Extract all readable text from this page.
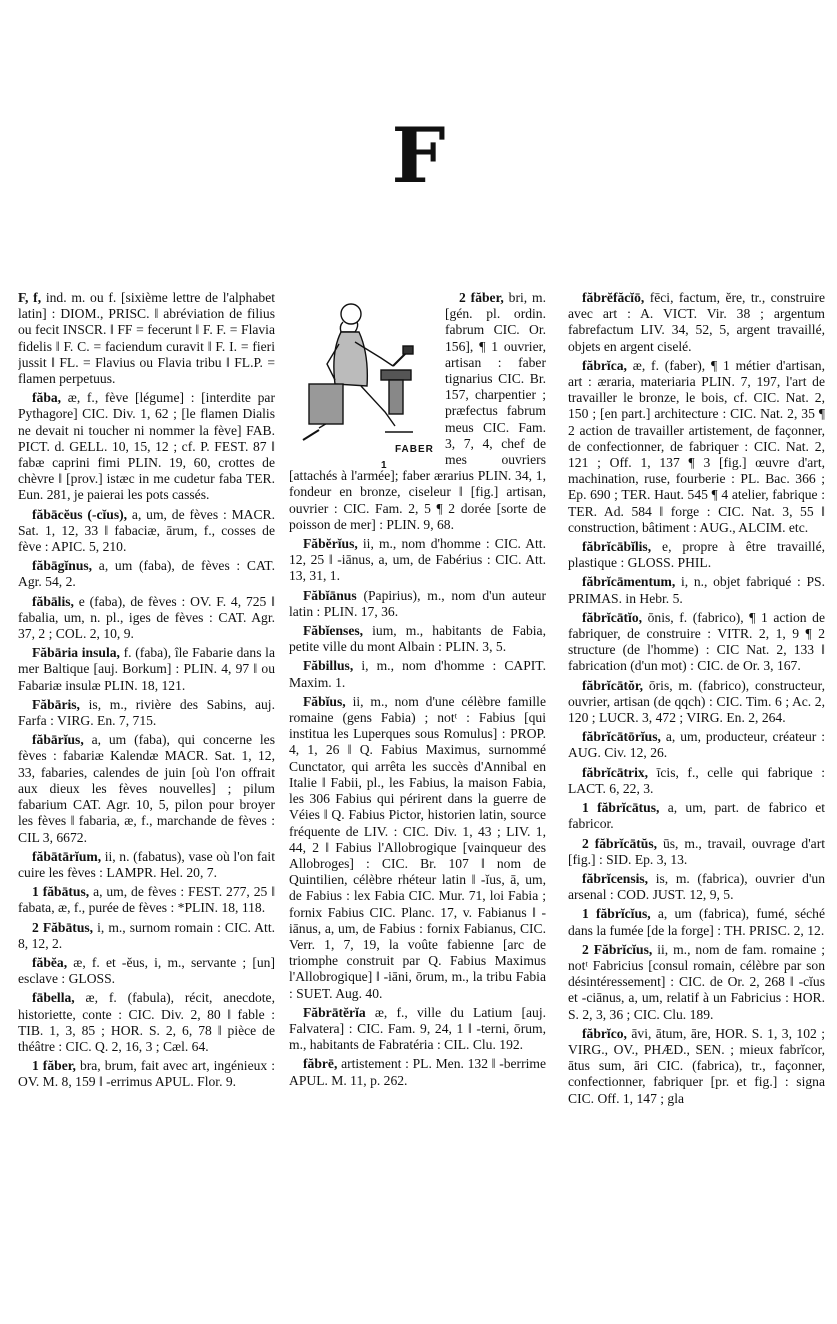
F

F, f, ind. m. ou f. [sixième lettre de l'alphabet latin] : DIOM., PRISC. ‖ abréviation de filius ou fecit INSCR. ‖ FF = fecerunt ‖ F. F. = Flavia fidelis ‖ F. C. = faciendum curavit ‖ F. I. = fieri jussit ‖ FL. = Flavius ou Flavia tribu ‖ FL.P. = flamen perpetuus.

făba, æ, f., fève [légume] : [interdite par Pythagore] CIC. Div. 1, 62 ; [le flamen Dialis ne devait ni toucher ni nommer la fève] FAB. PICT. d. GELL. 10, 15, 12 ; cf. P. FEST. 87 ‖ fabæ caprini fimi PLIN. 19, 60, crottes de chèvre ‖ [prov.] istæc in me cudetur faba TER. Eun. 281, je paierai les pots cassés.

făbācĕus (-cĭus), a, um, de fèves : MACR. Sat. 1, 12, 33 ‖ fabaciæ, ārum, f., cosses de fève : APIC. 5, 210.

făbāgĭnus, a, um (faba), de fèves : CAT. Agr. 54, 2.

făbālis, e (faba), de fèves : OV. F. 4, 725 ‖ fabalia, um, n. pl., iges de fèves : CAT. Agr. 37, 2 ; COL. 2, 10, 9.

Făbāria insula, f. (faba), île Fabarie dans la mer Baltique [auj. Borkum] : PLIN. 4, 97 ‖ ou Fabariæ insulæ PLIN. 18, 121.

Făbāris, is, m., rivière des Sabins, auj. Farfa : VIRG. En. 7, 715.

făbārĭus, a, um (faba), qui concerne les fèves : fabariæ Kalendæ MACR. Sat. 1, 12, 33, fabaries, calendes de juin [où l'on offrait aux dieux les fèves nouvelles] ; pilum fabarium CAT. Agr. 10, 5, pilon pour broyer les fèves ‖ fabaria, æ, f., marchande de fèves : CIL 3, 6672.

făbātārĭum, ii, n. (fabatus), vase où l'on fait cuire les fèves : LAMPR. Hel. 20, 7.

1 făbātus, a, um, de fèves : FEST. 277, 25 ‖ fabata, æ, f., purée de fèves : *PLIN. 18, 118.

2 Făbātus, i, m., surnom romain : CIC. Att. 8, 12, 2.

făbĕa, æ, f. et -ĕus, i, m., servante ; [un] esclave : GLOSS.

fābella, æ, f. (fabula), récit, anecdote, historiette, conte : CIC. Div. 2, 80 ‖ fable : TIB. 1, 3, 85 ; HOR. S. 2, 6, 78 ‖ pièce de théâtre : CIC. Q. 2, 16, 3 ; Cæl. 64.

1 făber, bra, brum, fait avec art, ingénieux : OV. M. 8, 159 ‖ -errimus APUL. Flor. 9.

FABER 1
2 făber, bri, m. [gén. pl. ordin. fabrum CIC. Or. 156], ¶ 1 ouvrier, artisan : faber tignarius CIC. Br. 157, charpentier ; præfectus fabrum meus CIC. Fam. 3, 7, 4, chef de mes ouvriers [attachés à l'armée]; faber ærarius PLIN. 34, 1, fondeur en bronze, ciseleur ‖ [fig.] artisan, ouvrier : CIC. Fam. 2, 5 ¶ 2 dorée [sorte de poisson de mer] : PLIN. 9, 68.

Făbĕrĭus, ii, m., nom d'homme : CIC. Att. 12, 25 ‖ -iānus, a, um, de Fabérius : CIC. Att. 13, 31, 1.

Făbĭānus (Papirius), m., nom d'un auteur latin : PLIN. 17, 36.

Făbĭenses, ium, m., habitants de Fabia, petite ville du mont Albain : PLIN. 3, 5.

Făbillus, i, m., nom d'homme : CAPIT. Maxim. 1.

Făbĭus, ii, m., nom d'une célèbre famille romaine (gens Fabia) ; notᵗ : Fabius [qui institua les Luperques sous Romulus] : PROP. 4, 1, 26 ‖ Q. Fabius Maximus, surnommé Cunctator, qui arrêta les succès d'Annibal en Italie ‖ Fabii, pl., les Fabius, la maison Fabia, les 306 Fabius qui périrent dans la guerre de Véies ‖ Q. Fabius Pictor, historien latin, source fréquente de LIV. : CIC. Div. 1, 43 ; LIV. 1, 44, 2 ‖ Fabius l'Allobrogique [vainqueur des Allobroges] : CIC. Br. 107 ‖ nom de Quintilien, célèbre rhéteur latin ‖ -ĭus, ā, um, de Fabius : lex Fabia CIC. Mur. 71, loi Fabia ; fornix Fabius CIC. Planc. 17, v. Fabianus ‖ -iānus, a, um, de Fabius : fornix Fabianus, CIC. Verr. 1, 7, 19, la voûte fabienne [arc de triomphe construit par Q. Fabius Maximus l'Allobrogique] ‖ -iāni, ōrum, m., la tribu Fabia : SUET. Aug. 40.

Făbrātĕrĭa æ, f., ville du Latium [auj. Falvatera] : CIC. Fam. 9, 24, 1 ‖ -terni, ōrum, m., habitants de Fabratéria : CIL. Clu. 192.

făbrē, artistement : PL. Men. 132 ‖ -berrime APUL. M. 11, p. 262.

făbrĕfăcĭō, fēci, factum, ĕre, tr., construire avec art : A. VICT. Vir. 38 ; argentum fabrefactum LIV. 34, 52, 5, argent travaillé, objets en argent ciselé.

făbrĭca, æ, f. (faber), ¶ 1 métier d'artisan, art : æraria, materiaria PLIN. 7, 197, l'art de travailler le bronze, le bois, cf. CIC. Nat. 2, 150 ; [en part.] architecture : CIC. Nat. 2, 35 ¶ 2 action de travailler artistement, de façonner, de confectionner, de fabriquer : CIC. Nat. 2, 121 ; Off. 1, 137 ¶ 3 [fig.] œuvre d'art, machination, ruse, fourberie : PL. Bac. 366 ; Ep. 690 ; TER. Haut. 545 ¶ 4 atelier, fabrique : TER. Ad. 584 ‖ forge : CIC. Nat. 3, 55 ‖ construction, bâtiment : AUG., ALCIM. etc.

făbrĭcābĭlis, e, propre à être travaillé, plastique : GLOSS. PHIL.

făbrĭcāmentum, i, n., objet fabriqué : PS. PRIMAS. in Hebr. 5.

făbrĭcātĭo, ōnis, f. (fabrico), ¶ 1 action de fabriquer, de construire : VITR. 2, 1, 9 ¶ 2 structure (de l'homme) : CIC Nat. 2, 133 ‖ fabrication (d'un mot) : CIC. de Or. 3, 167.

făbrĭcātŏr, ōris, m. (fabrico), constructeur, ouvrier, artisan (de qqch) : CIC. Tim. 6 ; Ac. 2, 120 ; LUCR. 3, 472 ; VIRG. En. 2, 264.

făbrĭcātōrĭus, a, um, producteur, créateur : AUG. Civ. 12, 26.

făbrĭcātrix, īcis, f., celle qui fabrique : LACT. 6, 22, 3.

1 făbrĭcātus, a, um, part. de fabrico et fabricor.

2 făbrĭcātŭs, ūs, m., travail, ouvrage d'art [fig.] : SID. Ep. 3, 13.

făbrĭcensis, is, m. (fabrica), ouvrier d'un arsenal : COD. JUST. 12, 9, 5.

1 făbrĭcĭus, a, um (fabrica), fumé, séché dans la fumée [de la forge] : TH. PRISC. 2, 12.

2 Făbrĭcĭus, ii, m., nom de fam. romaine ; notᵗ Fabricius [consul romain, célèbre par son désintéressement] : CIC. de Or. 2, 268 ‖ -cĭus et -ciānus, a, um, relatif à un Fabricius : HOR. S. 2, 3, 36 ; CIC. Clu. 189.

făbrĭco, āvi, ātum, āre, HOR. S. 1, 3, 102 ; VIRG., OV., PHÆD., SEN. ; mieux fabrĭcor, ātus sum, āri CIC. (fabrica), tr., façonner, confectionner, fabriquer [pr. et fig.] : signa CIC. Off. 1, 147 ; gla
